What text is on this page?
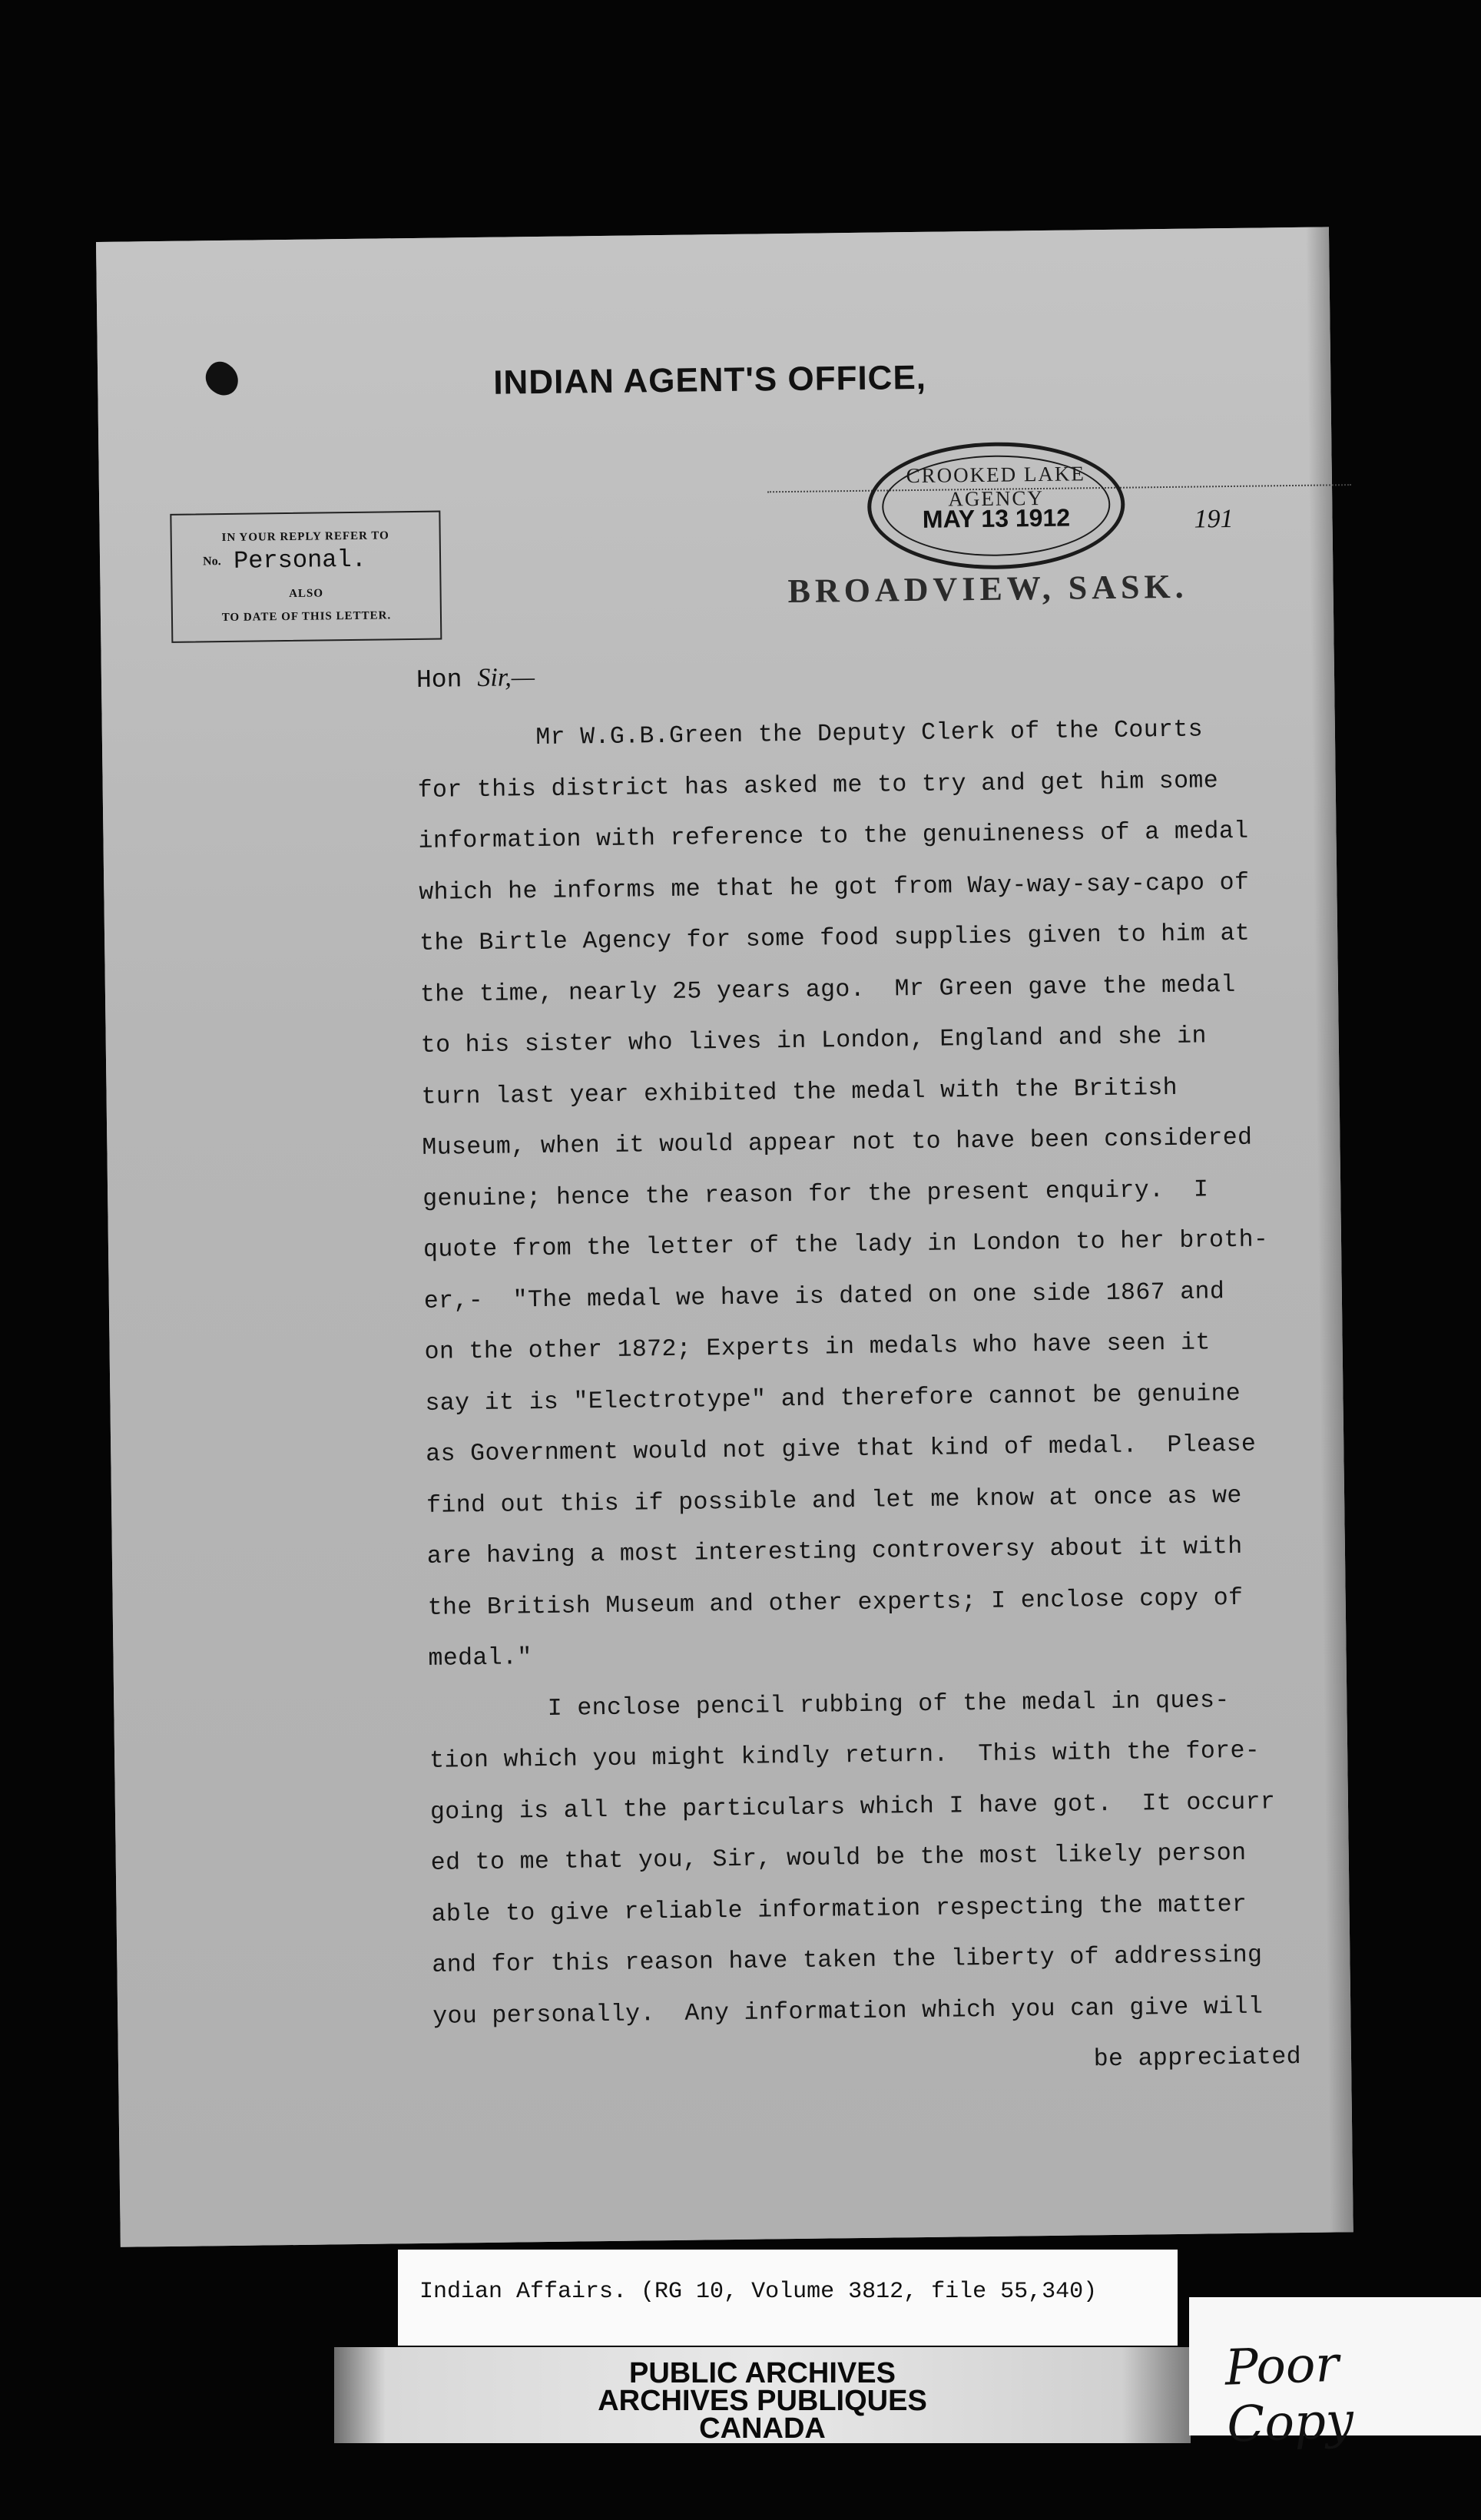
INDIAN AGENT'S OFFICE,
IN YOUR REPLY REFER TO
No. Personal.
ALSO
TO DATE OF THIS LETTER.
CROOKED LAKE AGENCY
MAY 13 1912	191
BROADVIEW, SASK.
Hon Sir,—
Mr W.G.B.Green the Deputy Clerk of the Courts
for this district has asked me to try and get him some
information with reference to the genuineness of a medal
which he informs me that he got from Way-way-say-capo of
the Birtle Agency for some food supplies given to him at
the time, nearly 25 years ago.  Mr Green gave the medal
to his sister who lives in London, England and she in
turn last year exhibited the medal with the British
Museum, when it would appear not to have been considered
genuine; hence the reason for the present enquiry.  I
quote from the letter of the lady in London to her broth-
er,-  "The medal we have is dated on one side 1867 and
on the other 1872; Experts in medals who have seen it
say it is "Electrotype" and therefore cannot be genuine
as Government would not give that kind of medal.  Please
find out this if possible and let me know at once as we
are having a most interesting controversy about it with
the British Museum and other experts; I enclose copy of
medal."
I enclose pencil rubbing of the medal in ques-
tion which you might kindly return.  This with the fore-
going is all the particulars which I have got.  It occurr
ed to me that you, Sir, would be the most likely person
able to give reliable information respecting the matter
and for this reason have taken the liberty of addressing
you personally.  Any information which you can give will
be appreciated
Indian Affairs. (RG 10, Volume 3812, file 55,340)
PUBLIC ARCHIVES
ARCHIVES PUBLIQUES
CANADA
Poor Copy
